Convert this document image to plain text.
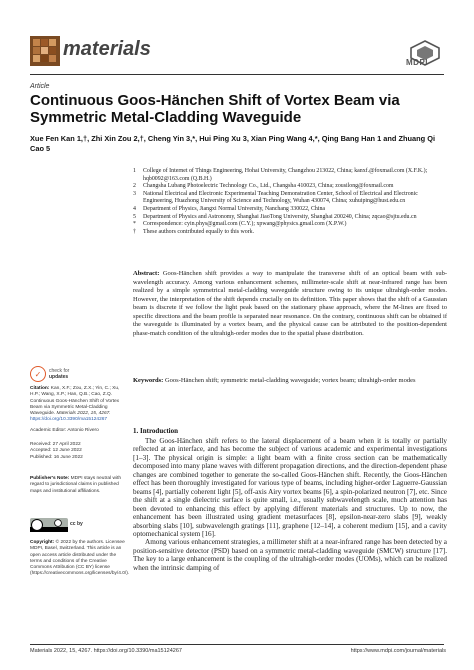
materials
MDPI
Article
Continuous Goos-Hänchen Shift of Vortex Beam via Symmetric Metal-Cladding Waveguide
Xue Fen Kan 1,†, Zhi Xin Zou 2,†, Cheng Yin 3,*, Hui Ping Xu 3, Xian Ping Wang 4,*, Qing Bang Han 1 and Zhuang Qi Cao 5
1	College of Internet of Things Engineering, Hohai University, Changzhou 213022, China; kanxf.@foxmail.com (X.F.K.); hqb0092@163.com (Q.B.H.)
2	Changsha Lubang Photoelectric Technology Co., Ltd., Changsha 410023, China; zousilong@foxmail.com
3	National Electrical and Electronic Experimental Teaching Demonstration Center, School of Electrical and Electronic Engineering, Huazhong University of Science and Technology, Wuhan 430074, China; xuhuiping@hust.edu.cn
4	Department of Physics, Jiangxi Normal University, Nanchang 330022, China
5	Department of Physics and Astronomy, Shanghai JiaoTong University, Shanghai 200240, China; zqcao@sjtu.edu.cn
*	Correspondence: cyin.phys@gmail.com (C.Y.); xpwang@physics.gmail.com (X.P.W.)
†	These authors contributed equally to this work.
Abstract: Goos-Hänchen shift provides a way to manipulate the transverse shift of an optical beam with sub-wavelength accuracy. Among various enhancement schemes, millimeter-scale shift at near-infrared range has been realized by a simple symmetrical metal-cladding waveguide structure owing to its unique ultrahigh-order modes. However, the interpretation of the shift depends crucially on its definition. This paper shows that the shift of a Gaussian beam is discrete if we follow the light peak based on the stationary phase approach, where the M-lines are fixed to specific directions and the beam profile is separated near resonance. On the contrary, continuous shift can be obtained if the waveguide is illuminated by a vortex beam, and the physical cause can be attributed to the position-dependent phase-match condition of the ultrahigh-order modes due to the spatial phase distribution.
Keywords: Goos-Hänchen shift; symmetric metal-cladding waveguide; vortex beam; ultrahigh-order modes
✓	check for
updates
Citation: Kan, X.F.; Zou, Z.X.; Yin, C.; Xu, H.P.; Wang, X.P.; Han, Q.B.; Cao, Z.Q. Continuous Goos-Hänchen Shift of Vortex Beam via Symmetric Metal-Cladding Waveguide. Materials 2022, 15, 4267. https://doi.org/10.3390/ma15124267
Academic Editor: Antonio Rivero
Received: 27 April 2022
Accepted: 12 June 2022
Published: 16 June 2022
Publisher's Note: MDPI stays neutral with regard to jurisdictional claims in published maps and institutional affiliations.
cc by
Copyright: © 2022 by the authors. Licensee MDPI, Basel, Switzerland. This article is an open access article distributed under the terms and conditions of the Creative Commons Attribution (CC BY) license (https://creativecommons.org/licenses/by/4.0/).
1. Introduction

The Goos-Hänchen shift refers to the lateral displacement of a beam when it is totally or partially reflected at an interface, and has become the subject of various academic and experimental investigations [1–3]. The physical origin is simple: a light beam with a finite cross section can be mathematically decomposed into many plane waves with different propagation directions, and the direction-dependent phase changes are combined together to generate the so-called Goos-Hänchen shift. Recently, the Goos-Hänchen effect has been thoroughly investigated for various type of beams, including higher-order Laguerre-Gaussian beams [4], partially coherent light [5], off-axis Airy vortex beams [6], a spin-polarized neutron [7], etc. Since the shift at a single dielectric surface is quite small, i.e., usually subwavelength scale, much attention has been devoted to enhancing this effect by applying different materials and structures. Up to now, the enhancement has been illustrated using gradient metasurfaces [8], epsilon-near-zero slabs [9], weakly absorbing slabs [10], subwavelength gratings [11], graphene [12–14], a coherent medium [15], and a cavity optomechanical system [16].

Among various enhancement strategies, a millimeter shift at a near-infrared range has been detected by a position-sensitive detector (PSD) based on a symmetric metal-cladding waveguide (SMCW) structure [17]. The key to a large enhancement is the coupling of the ultrahigh-order modes (UOMs), which can be realized when the intrinsic damping of

Materials 2022, 15, 4267. https://doi.org/10.3390/ma15124267	https://www.mdpi.com/journal/materials
